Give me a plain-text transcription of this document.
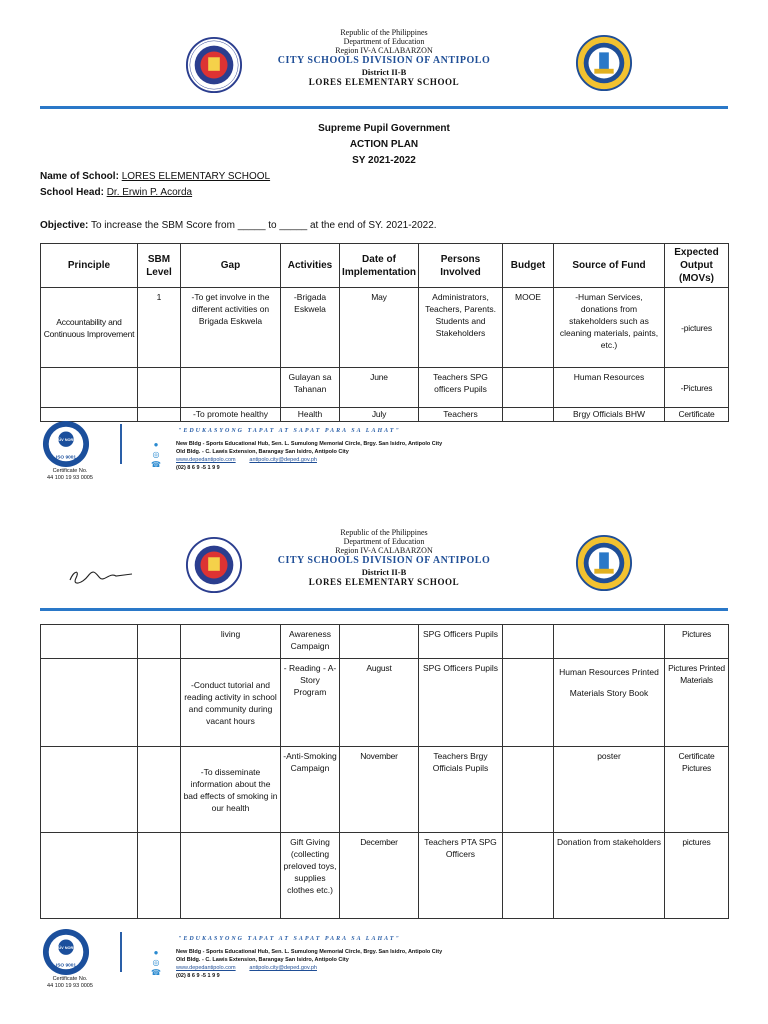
Republic of the Philippines
Department of Education
Region IV-A CALABARZON
CITY SCHOOLS DIVISION OF ANTIPOLO
District II-B
LORES ELEMENTARY SCHOOL
Supreme Pupil Government
ACTION PLAN
SY 2021-2022
Name of School: LORES ELEMENTARY SCHOOL
School Head: Dr. Erwin P. Acorda
Objective: To increase the SBM Score from _____ to _____ at the end of SY. 2021-2022.
Principle	SBM Level	Gap	Activities	Date of Implementation	Persons Involved	Budget	Source of Fund	Expected Output (MOVs)
Accountability and Continuous Improvement	1	-To get involve in the different activities on Brigada Eskwela	-Brigada Eskwela	May	Administrators, Teachers, Parents. Students and Stakeholders	MOOE	-Human Services, donations from stakeholders such as cleaning materials, paints, etc.)	-pictures
			Gulayan sa Tahanan	June	Teachers SPG officers Pupils		Human Resources	-Pictures
		-To promote healthy	Health	July	Teachers		Brgy Officials BHW	Certificate
ISO 9001
TÜV NORD
Certificate No.
44 100 19 93 0005
"EDUKASYONG TAPAT AT SAPAT PARA SA LAHAT"
●
◎
☎
New Bldg - Sports Educational Hub, Sen. L. Sumulong Memorial Circle, Brgy. San Isidro, Antipolo City
Old Bldg. - C. Lawis Extension, Barangay San Isidro, Antipolo City
www.depedantipolo.com	antipolo.city@deped.gov.ph
(02) 8 6 9 -5 1 9 9
Republic of the Philippines
Department of Education
Region IV-A CALABARZON
CITY SCHOOLS DIVISION OF ANTIPOLO
District II-B
LORES ELEMENTARY SCHOOL
		living	Awareness Campaign		SPG Officers Pupils			Pictures
		-Conduct tutorial and reading activity in school and community during vacant hours	- Reading - A-Story Program	August	SPG Officers Pupils		Human Resources Printed Materials Story Book	Pictures Printed Materials
		-To disseminate information about the bad effects of smoking in our health	-Anti-Smoking Campaign	November	Teachers Brgy Officials Pupils		poster	Certificate Pictures
			Gift Giving (collecting preloved toys, supplies clothes etc.)	December	Teachers PTA SPG Officers		Donation from stakeholders	pictures
ISO 9001
TÜV NORD
Certificate No.
44 100 19 93 0005
"EDUKASYONG TAPAT AT SAPAT PARA SA LAHAT"
●
◎
☎
New Bldg - Sports Educational Hub, Sen. L. Sumulong Memorial Circle, Brgy. San Isidro, Antipolo City
Old Bldg. - C. Lawis Extension, Barangay San Isidro, Antipolo City
www.depedantipolo.com	antipolo.city@deped.gov.ph
(02) 8 6 9 -5 1 9 9
